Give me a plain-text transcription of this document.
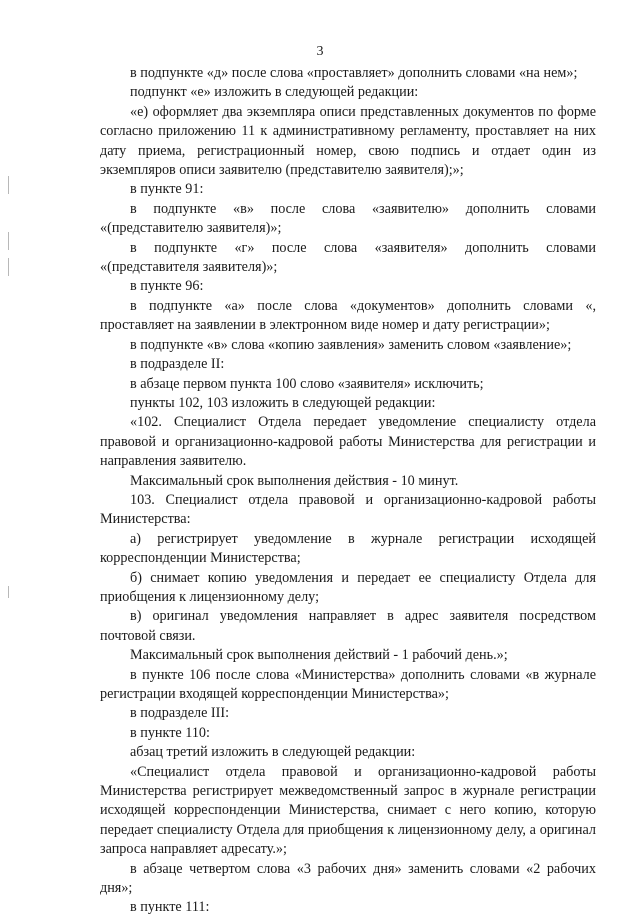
3

в подпункте «д» после слова «проставляет» дополнить словами «на нем»;

подпункт «е» изложить в следующей редакции:

«е) оформляет два экземпляра описи представленных документов по форме согласно приложению 11 к административному регламенту, проставляет на них дату приема, регистрационный номер, свою подпись и отдает один из экземпляров описи заявителю (представителю заявителя);»;

в пункте 91:

в подпункте «в» после слова «заявителю» дополнить словами «(представителю заявителя)»;

в подпункте «г» после слова «заявителя» дополнить словами «(представителя заявителя)»;

в пункте 96:

в подпункте «а» после слова «документов» дополнить словами «, проставляет на заявлении в электронном виде номер и дату регистрации»;

в подпункте «в» слова «копию заявления» заменить словом «заявление»;

в подразделе II:

в абзаце первом пункта 100 слово «заявителя» исключить;

пункты 102, 103 изложить в следующей редакции:

«102. Специалист Отдела передает уведомление специалисту отдела правовой и организационно-кадровой работы Министерства для регистрации и направления заявителю.

Максимальный срок выполнения действия - 10 минут.

103. Специалист отдела правовой и организационно-кадровой работы Министерства:

а) регистрирует уведомление в журнале регистрации исходящей корреспонденции Министерства;

б) снимает копию уведомления и передает ее специалисту Отдела для приобщения к лицензионному делу;

в) оригинал уведомления направляет в адрес заявителя посредством почтовой связи.

Максимальный срок выполнения действий - 1 рабочий день.»;

в пункте 106 после слова «Министерства» дополнить словами «в журнале регистрации входящей корреспонденции Министерства»;

в подразделе III:

в пункте 110:

абзац третий изложить в следующей редакции:

«Специалист отдела правовой и организационно-кадровой работы Министерства регистрирует межведомственный запрос в журнале регистрации исходящей корреспонденции Министерства, снимает с него копию, которую передает специалисту Отдела для приобщения к лицензионному делу, а оригинал запроса направляет адресату.»;

в абзаце четвертом слова «3 рабочих дня» заменить словами «2 рабочих дня»;

в пункте 111:
